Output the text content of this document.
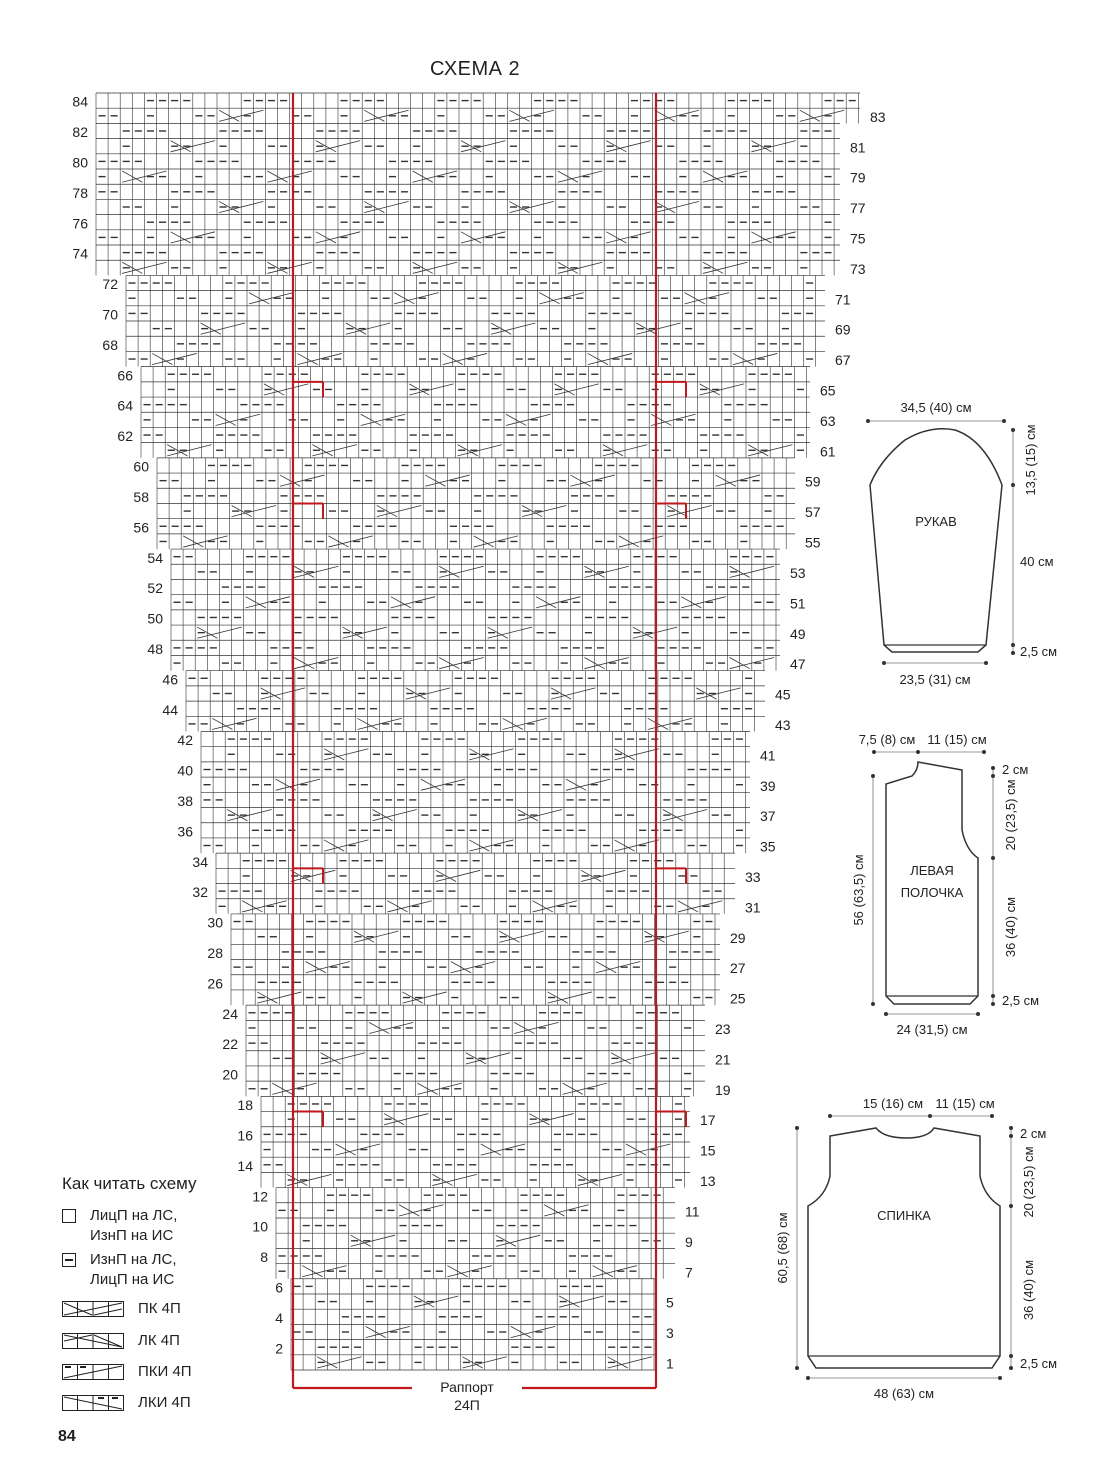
СХЕМА 2
84
82
80
78
76
74
72
70
68
66
64
62
60
58
56
54
52
50
48
46
44
42
40
38
36
34
32
30
28
26
24
22
20
18
16
14
12
10
8
6
4
2
83
81
79
77
75
73
71
69
67
65
63
61
59
57
55
53
51
49
47
45
43
41
39
37
35
33
31
29
27
25
23
21
19
17
15
13
11
9
7
5
3
1
Раппорт
24П
Как читать схему
ЛицП на ЛС,
ИзнП на ИС
ИзнП на ЛС,
ЛицП на ИС
ПК 4П
ЛК 4П
ПКИ 4П
ЛКИ 4П
84
34,5 (40) см
13,5 (15) см
40 см
2,5 см
23,5 (31) см
РУКАВ
7,5 (8) см 11 (15) см
56 (63,5) см
2 см
20 (23,5) см
36 (40) см
2,5 см
24 (31,5) см
ЛЕВАЯ
ПОЛОЧКА
15 (16) см 11 (15) см
60,5 (68) см
2 см
20 (23,5) см
36 (40) см
2,5 см
48 (63) см
СПИНКА
